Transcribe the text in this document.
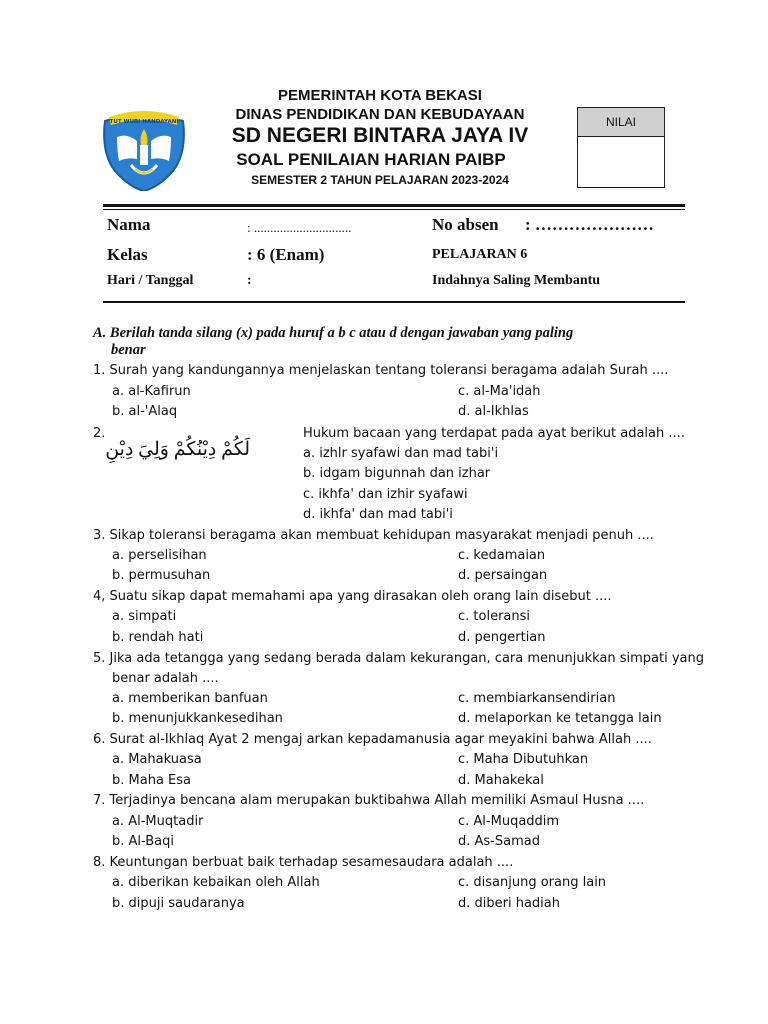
TUT WURI HANDAYANI
PEMERINTAH KOTA BEKASI
DINAS PENDIDIKAN DAN KEBUDAYAAN
SD NEGERI BINTARA JAYA IV
SOAL PENILAIAN HARIAN PAIBP
SEMESTER 2 TAHUN PELAJARAN 2023-2024
NILAI
Nama	: ..............................	No absen : …………………
Kelas	: 6 (Enam)	PELAJARAN 6
Hari / Tanggal	:	Indahnya Saling Membantu
A. Berilah tanda silang (x) pada huruf a b c atau d dengan jawaban yang paling
benar
1. Surah yang kandungannya menjelaskan tentang toleransi beragama adalah Surah ....
a. al-Kafirun	c. al-Ma'idah
b. al-'Alaq	d. al-Ikhlas
2.
لَكُمْ دِيْنُكُمْ وَلِيَ دِيْنِ
Hukum bacaan yang terdapat pada ayat berikut adalah ....
a. izhlr syafawi dan mad tabi'i
b. idgam bigunnah dan izhar
c. ikhfa' dan izhir syafawi
d. ikhfa' dan mad tabi'i
3. Sikap toleransi beragama akan membuat kehidupan masyarakat menjadi penuh ....
a. perselisihan	c. kedamaian
b. permusuhan	d. persaingan
4, Suatu sikap dapat memahami apa yang dirasakan oleh orang lain disebut ....
a. simpati	c. toleransi
b. rendah hati	d. pengertian
5. Jika ada tetangga yang sedang berada dalam kekurangan, cara menunjukkan simpati yang
benar adalah ....
a. memberikan banfuan	c. membiarkansendirian
b. menunjukkankesedihan	d. melaporkan ke tetangga lain
6. Surat al-Ikhlaq Ayat 2 mengaj arkan kepadamanusia agar meyakini bahwa Allah ....
a. Mahakuasa	c. Maha Dibutuhkan
b. Maha Esa	d. Mahakekal
7. Terjadinya bencana alam merupakan buktibahwa Allah memiliki Asmaul Husna ....
a. Al-Muqtadir	c. Al-Muqaddim
b. Al-Baqi	d. As-Samad
8. Keuntungan berbuat baik terhadap sesamesaudara adalah ....
a. diberikan kebaikan oleh Allah	c. disanjung orang lain
b. dipuji saudaranya	d. diberi hadiah
